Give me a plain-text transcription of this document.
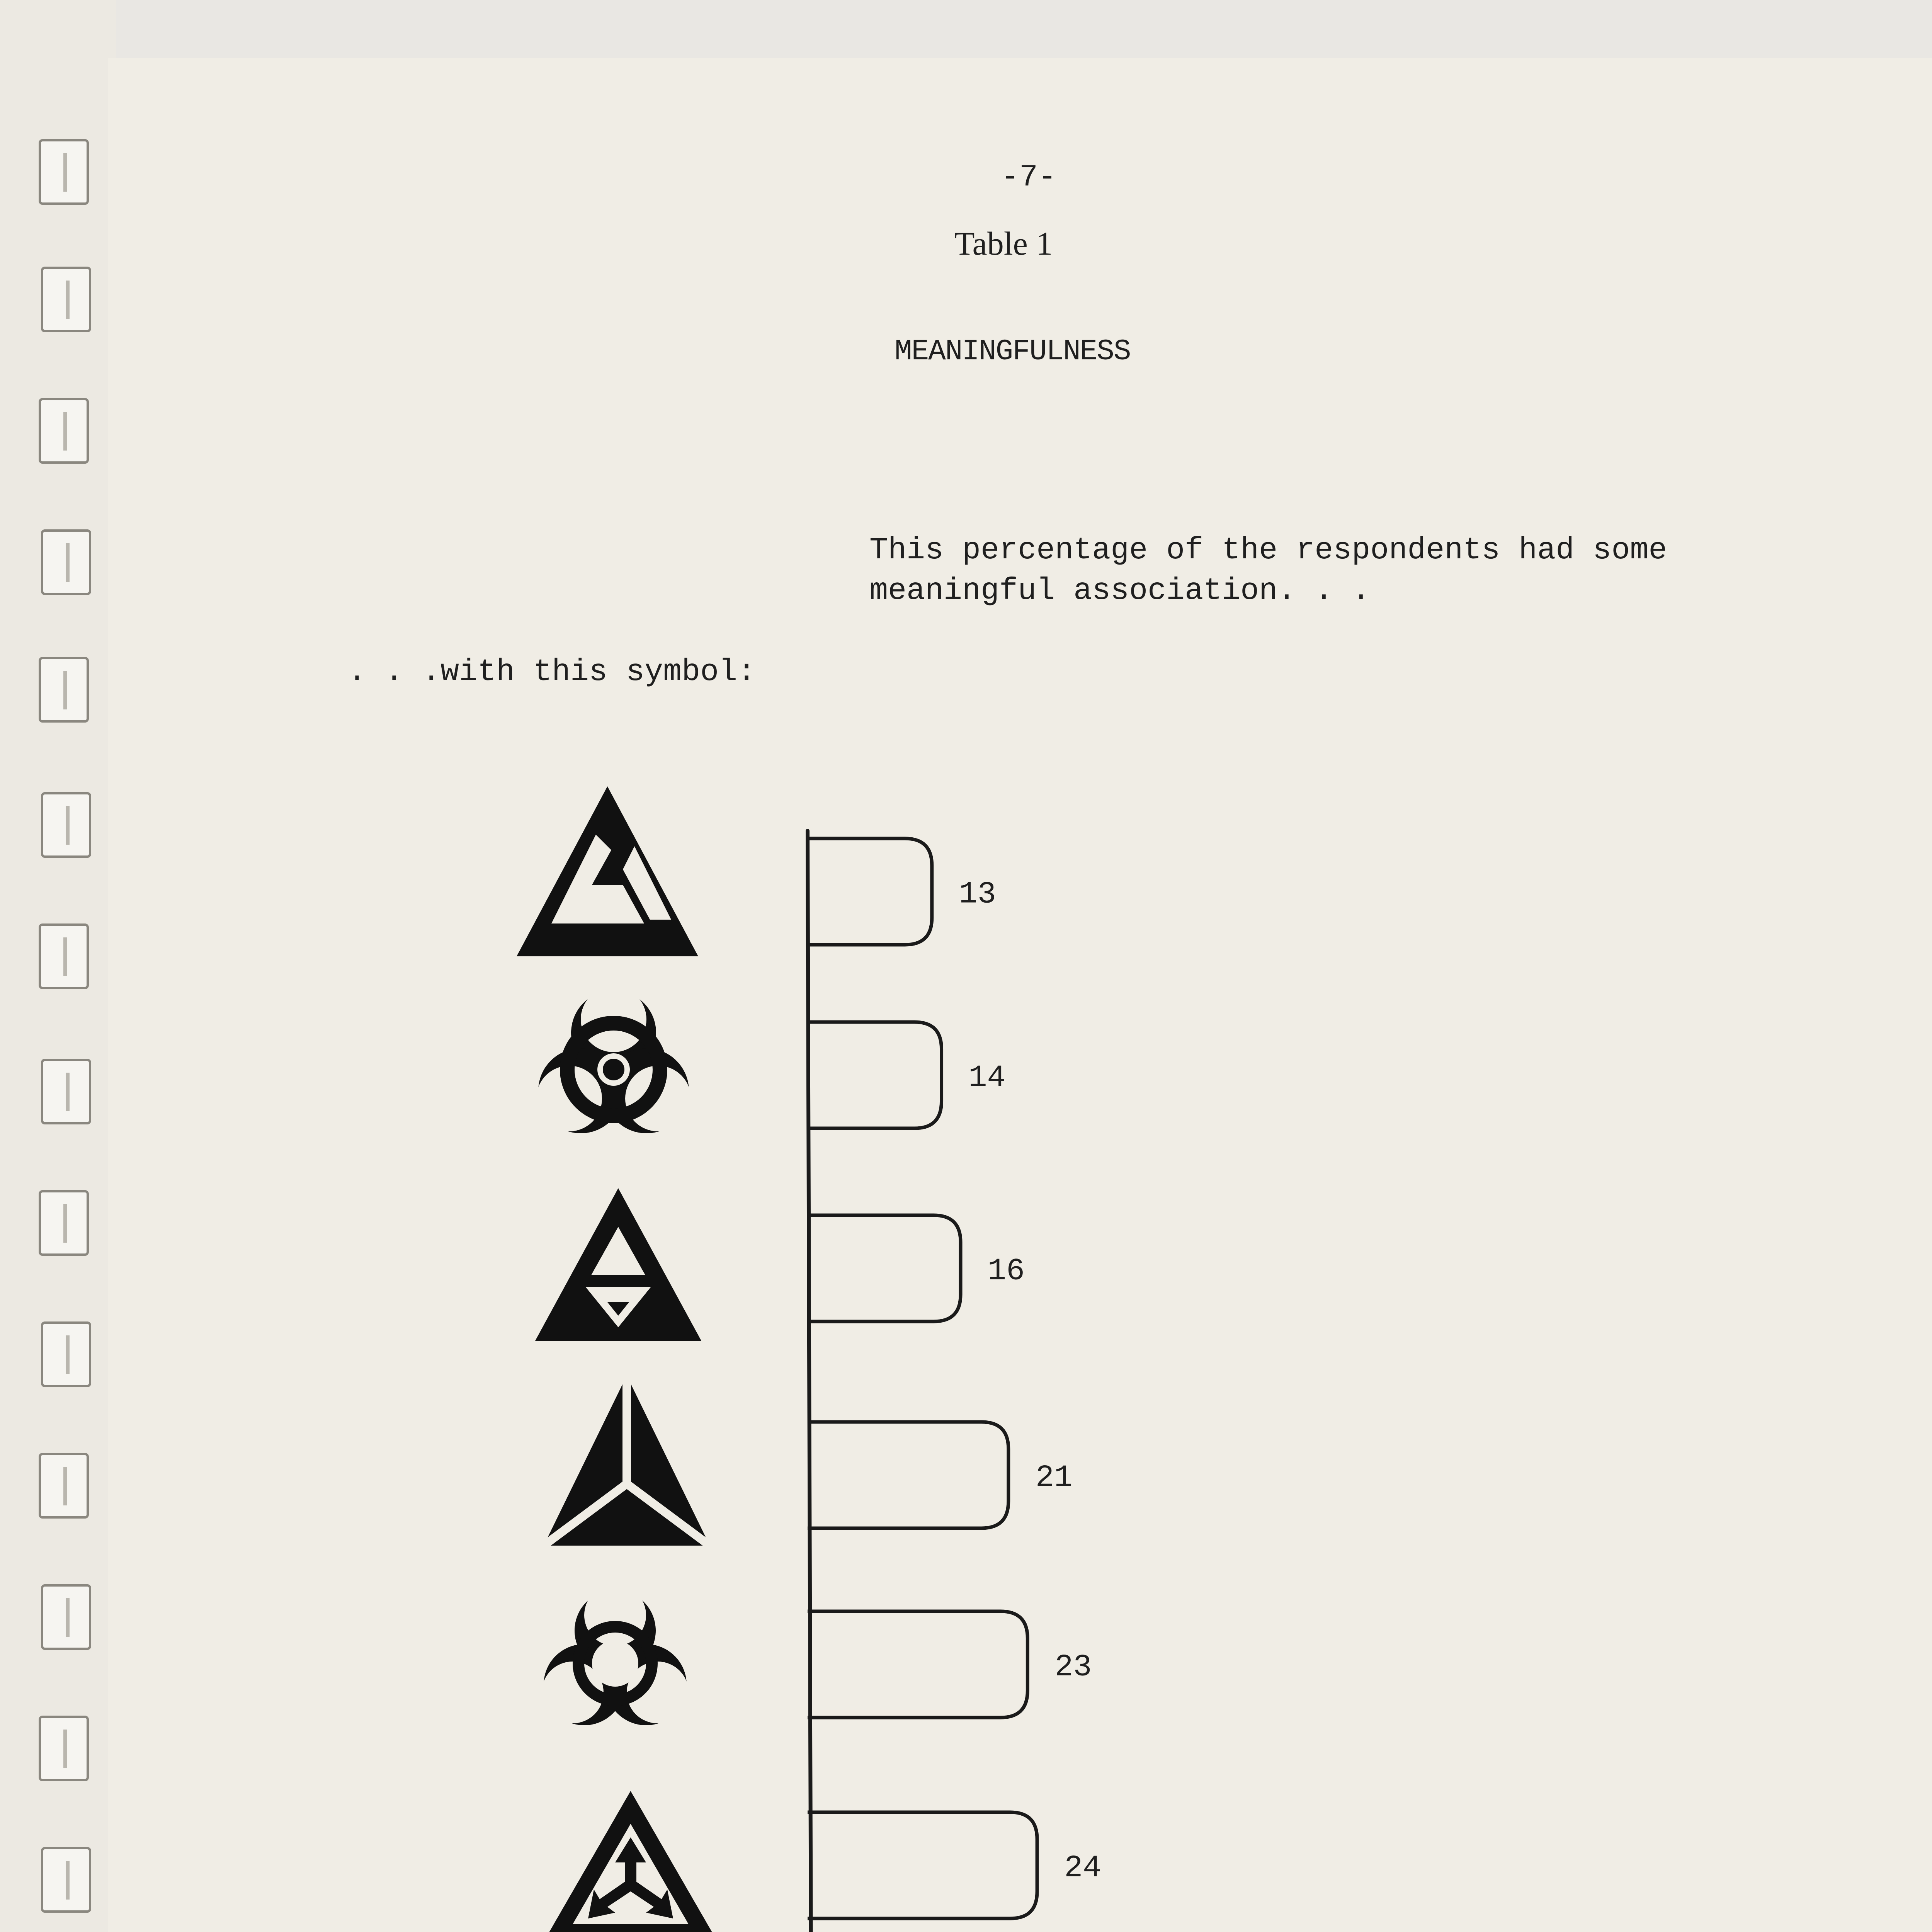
-7-
Table 1
MEANINGFULNESS
This percentage of the respondents had some
meaningful association. . .
. . .with this symbol:
13
14
16
21
23
24
